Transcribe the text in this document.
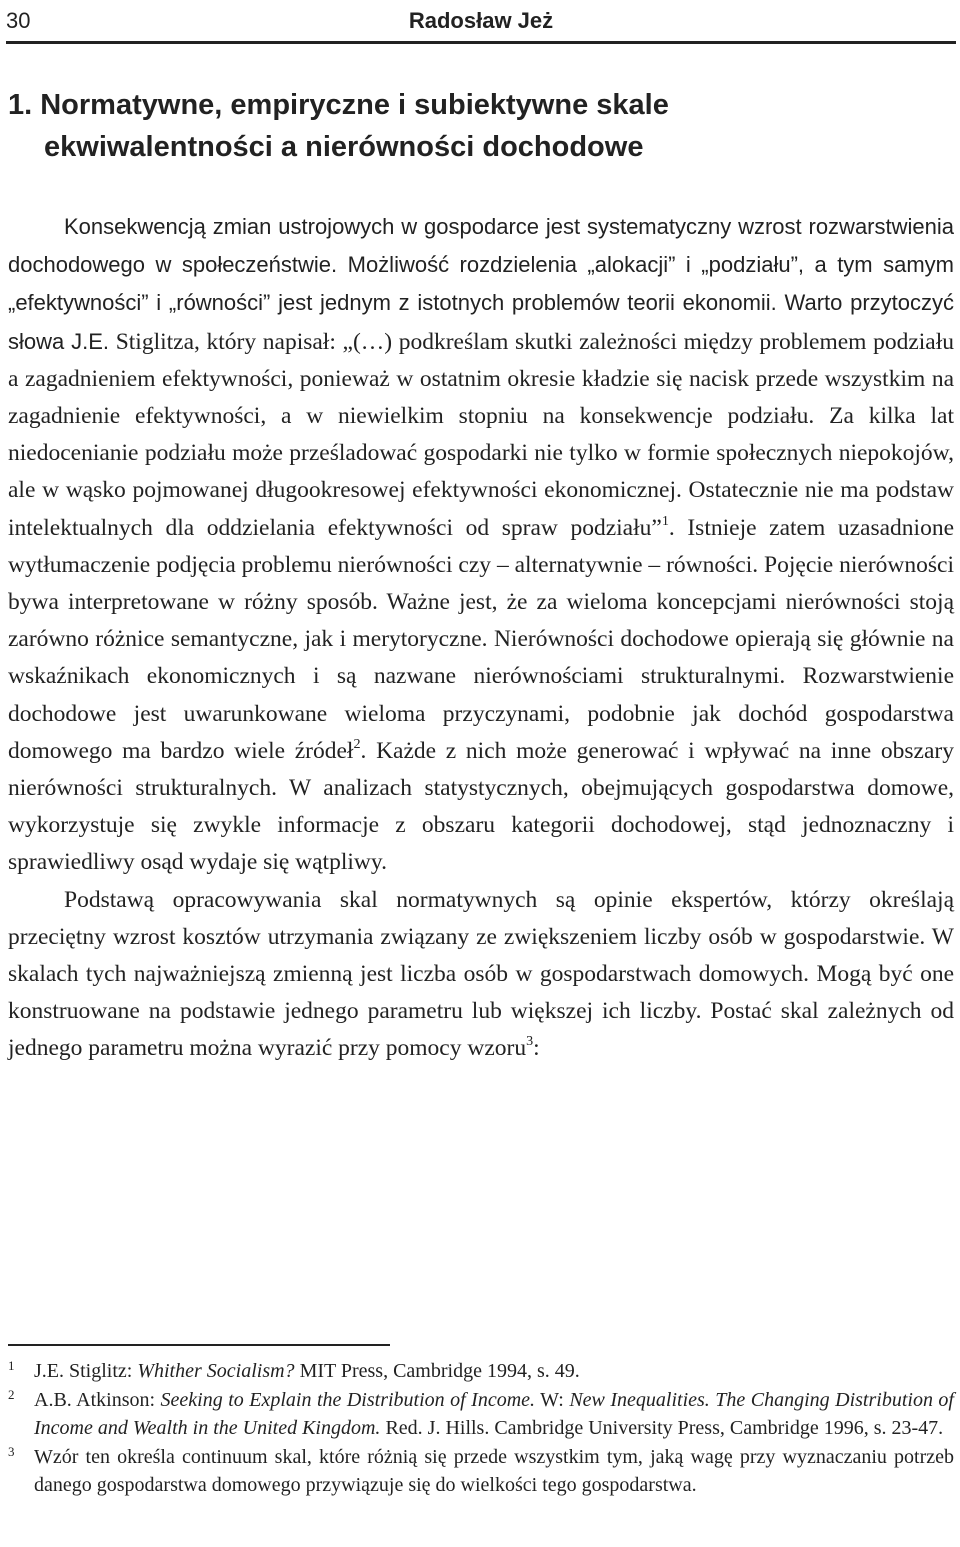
30	Radosław Jeż
1. Normatywne, empiryczne i subiektywne skale
ekwiwalentności a nierówności dochodowe

Konsekwencją zmian ustrojowych w gospodarce jest systematyczny wzrost rozwarstwienia dochodowego w społeczeństwie. Możliwość rozdzielenia „alokacji” i „podziału”, a tym samym „efektywności” i „równości” jest jednym z istotnych problemów teorii ekonomii. Warto przytoczyć słowa J.E. Stiglitza, który napisał: „(…) podkreślam skutki zależności między problemem podziału a zagadnieniem efektywności, ponieważ w ostatnim okresie kładzie się nacisk przede wszystkim na zagadnienie efektywności, a w niewielkim stopniu na konsekwencje podziału. Za kilka lat niedocenianie podziału może prześladować gospodarki nie tylko w formie społecznych niepokojów, ale w wąsko pojmowanej długookresowej efektywności ekonomicznej. Ostatecznie nie ma podstaw intelektualnych dla oddzielania efektywności od spraw podziału”$^1$. Istnieje zatem uzasadnione wytłumaczenie podjęcia problemu nierówności czy – alternatywnie – równości. Pojęcie nierówności bywa interpretowane w różny sposób. Ważne jest, że za wieloma koncepcjami nierówności stoją zarówno różnice semantyczne, jak i merytoryczne. Nierówności dochodowe opierają się głównie na wskaźnikach ekonomicznych i są nazwane nierównościami strukturalnymi. Rozwarstwienie dochodowe jest uwarunkowane wieloma przyczynami, podobnie jak dochód gospodarstwa domowego ma bardzo wiele źródeł$^2$. Każde z nich może generować i wpływać na inne obszary nierówności strukturalnych. W analizach statystycznych, obejmujących gospodarstwa domowe, wykorzystuje się zwykle informacje z obszaru kategorii dochodowej, stąd jednoznaczny i sprawiedliwy osąd wydaje się wątpliwy.

Podstawą opracowywania skal normatywnych są opinie ekspertów, którzy określają przeciętny wzrost kosztów utrzymania związany ze zwiększeniem liczby osób w gospodarstwie. W skalach tych najważniejszą zmienną jest liczba osób w gospodarstwach domowych. Mogą być one konstruowane na podstawie jednego parametru lub większej ich liczby. Postać skal zależnych od jednego parametru można wyrazić przy pomocy wzoru$^3$:

1 J.E. Stiglitz: Whither Socialism? MIT Press, Cambridge 1994, s. 49.
2 A.B. Atkinson: Seeking to Explain the Distribution of Income. W: New Inequalities. The Changing Distribution of Income and Wealth in the United Kingdom. Red. J. Hills. Cambridge University Press, Cambridge 1996, s. 23-47.
3 Wzór ten określa continuum skal, które różnią się przede wszystkim tym, jaką wagę przy wyznaczaniu potrzeb danego gospodarstwa domowego przywiązuje się do wielkości tego gospodarstwa.
